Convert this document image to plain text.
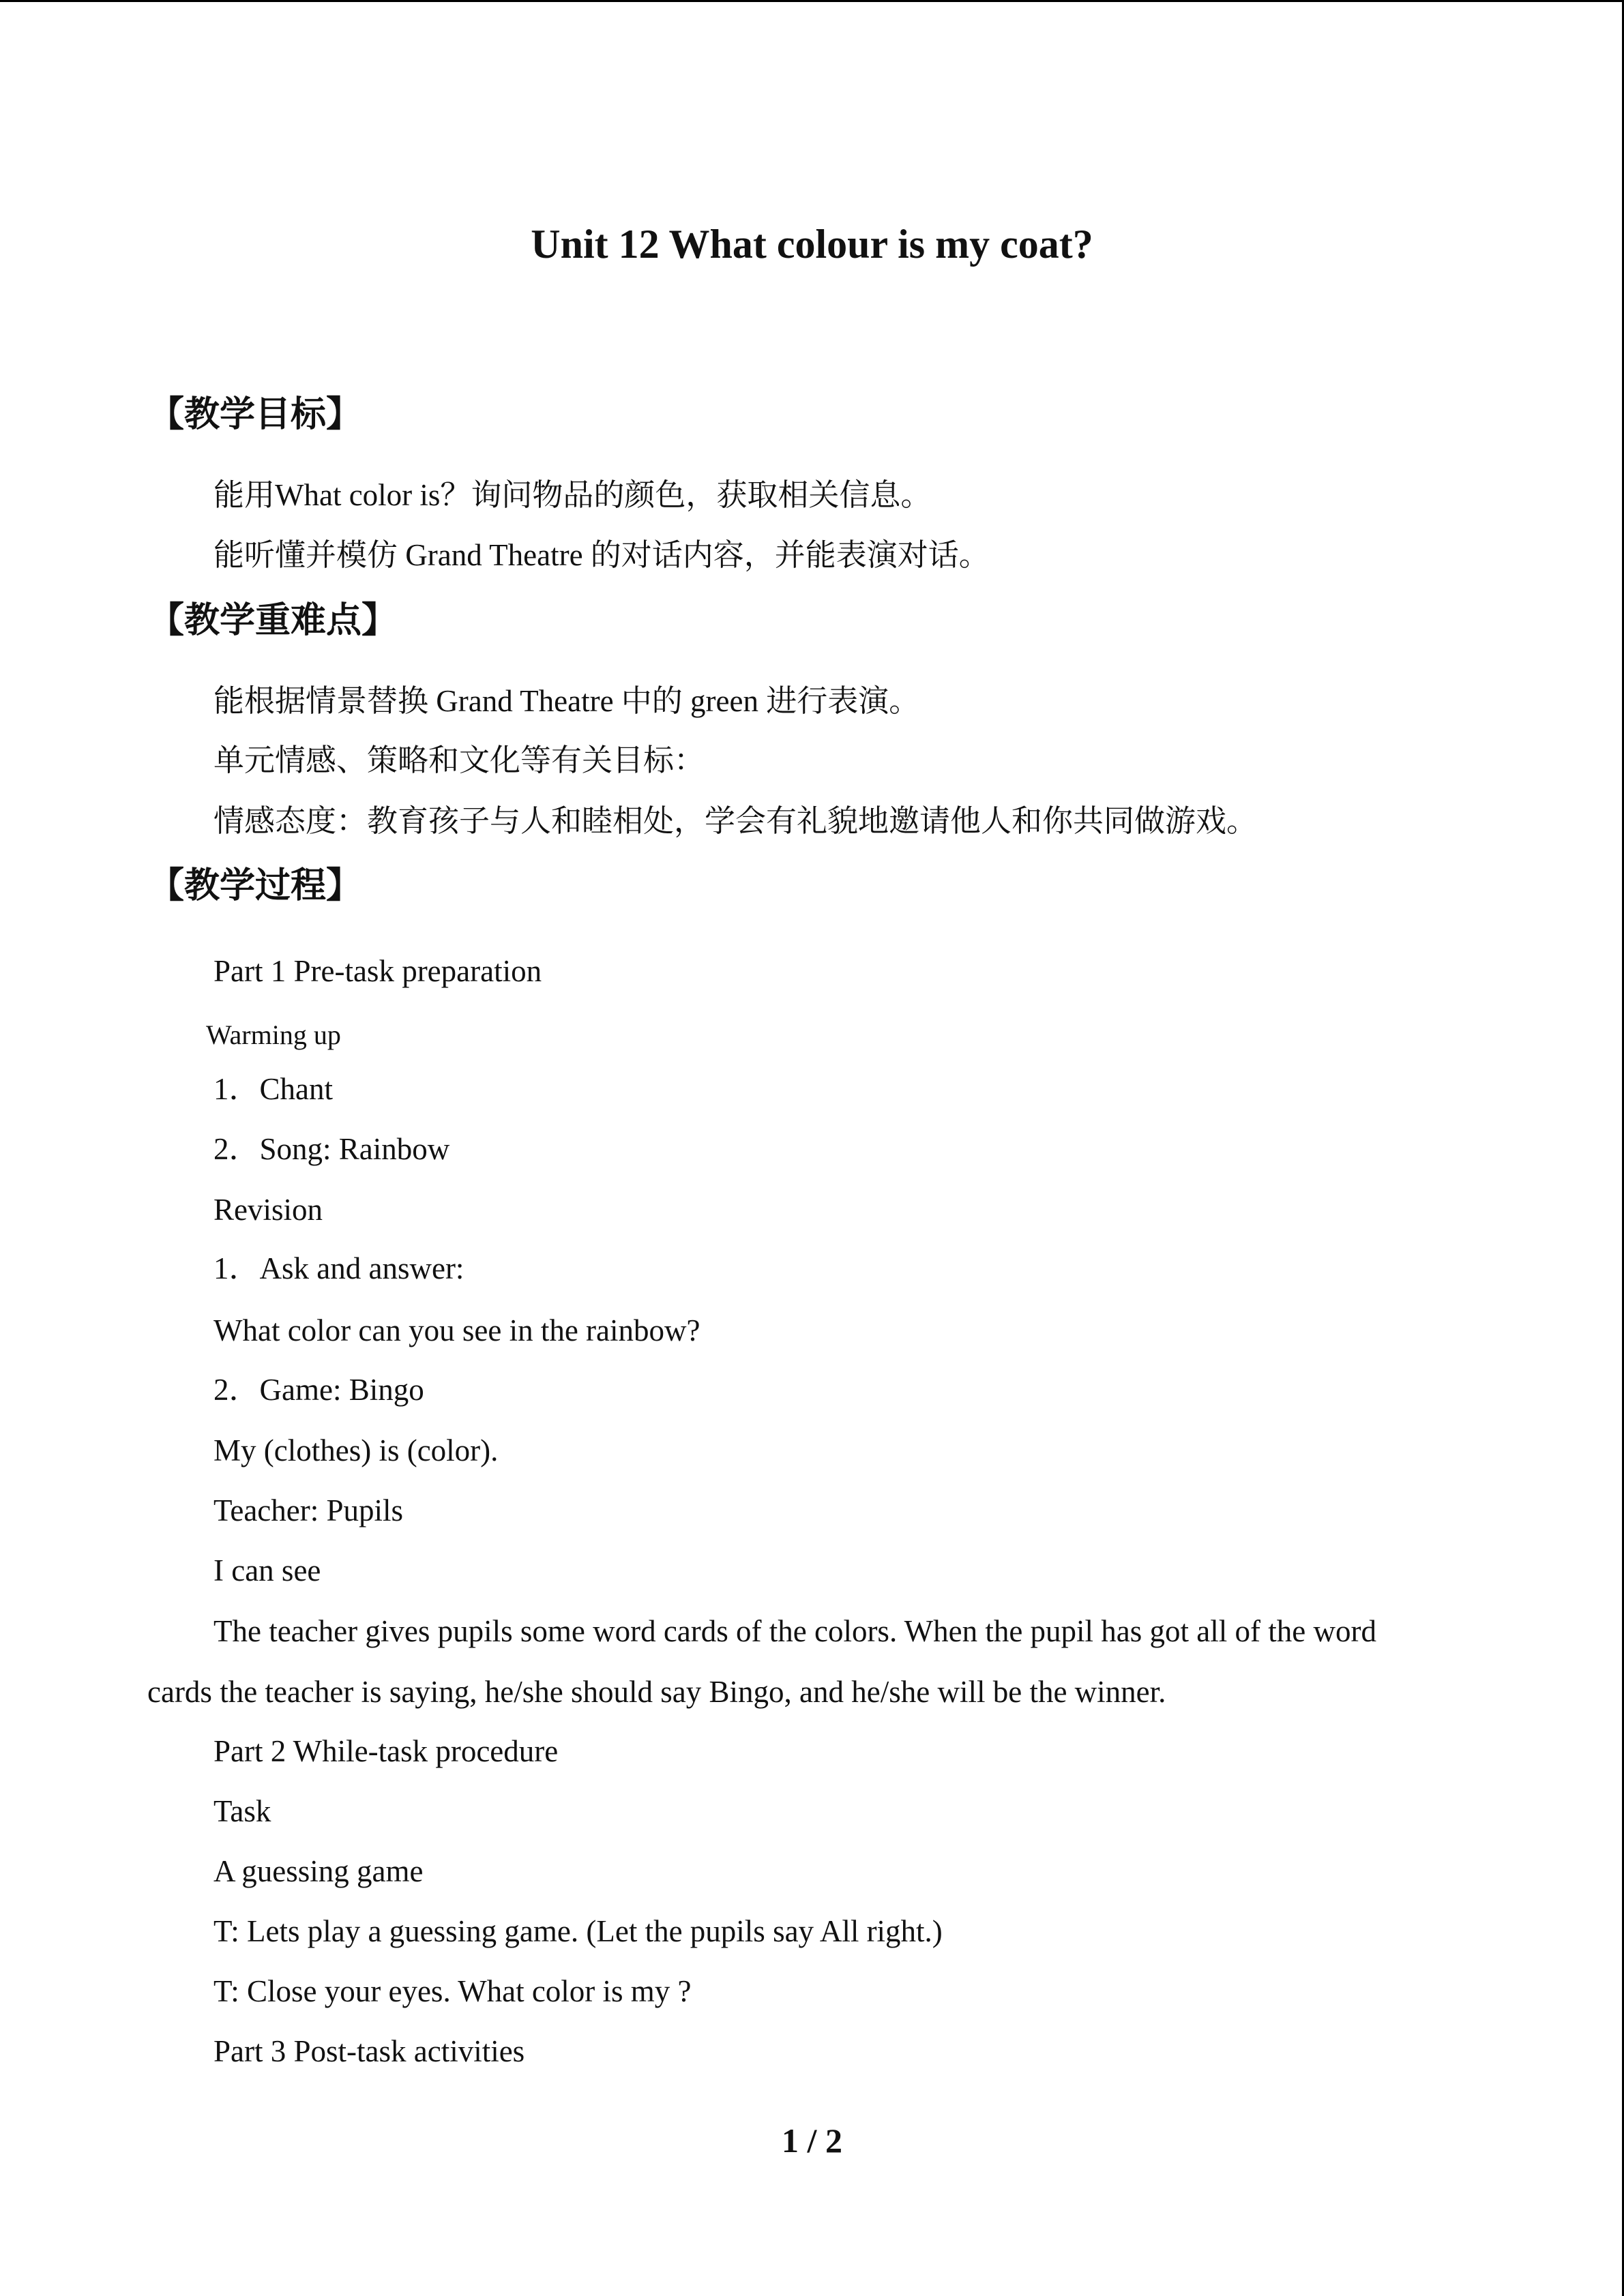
Unit 12 What colour is my coat?
【教学目标】
能用What color is？询问物品的颜色，获取相关信息。
能听懂并模仿 Grand Theatre 的对话内容，并能表演对话。
【教学重难点】
能根据情景替换 Grand Theatre 中的 green 进行表演。
单元情感、策略和文化等有关目标：
情感态度：教育孩子与人和睦相处，学会有礼貌地邀请他人和你共同做游戏。
【教学过程】
Part 1 Pre-task preparation
Warming up
1．Chant
2．Song: Rainbow
Revision
1．Ask and answer:
What color can you see in the rainbow?
2．Game: Bingo
My (clothes) is (color).
Teacher: Pupils
I can see
The teacher gives pupils some word cards of the colors. When the pupil has got all of the word
cards the teacher is saying, he/she should say Bingo, and he/she will be the winner.
Part 2 While-task procedure
Task
A guessing game
T: Lets play a guessing game. (Let the pupils say All right.)
T: Close your eyes. What color is my ?
Part 3 Post-task activities
1 / 2
